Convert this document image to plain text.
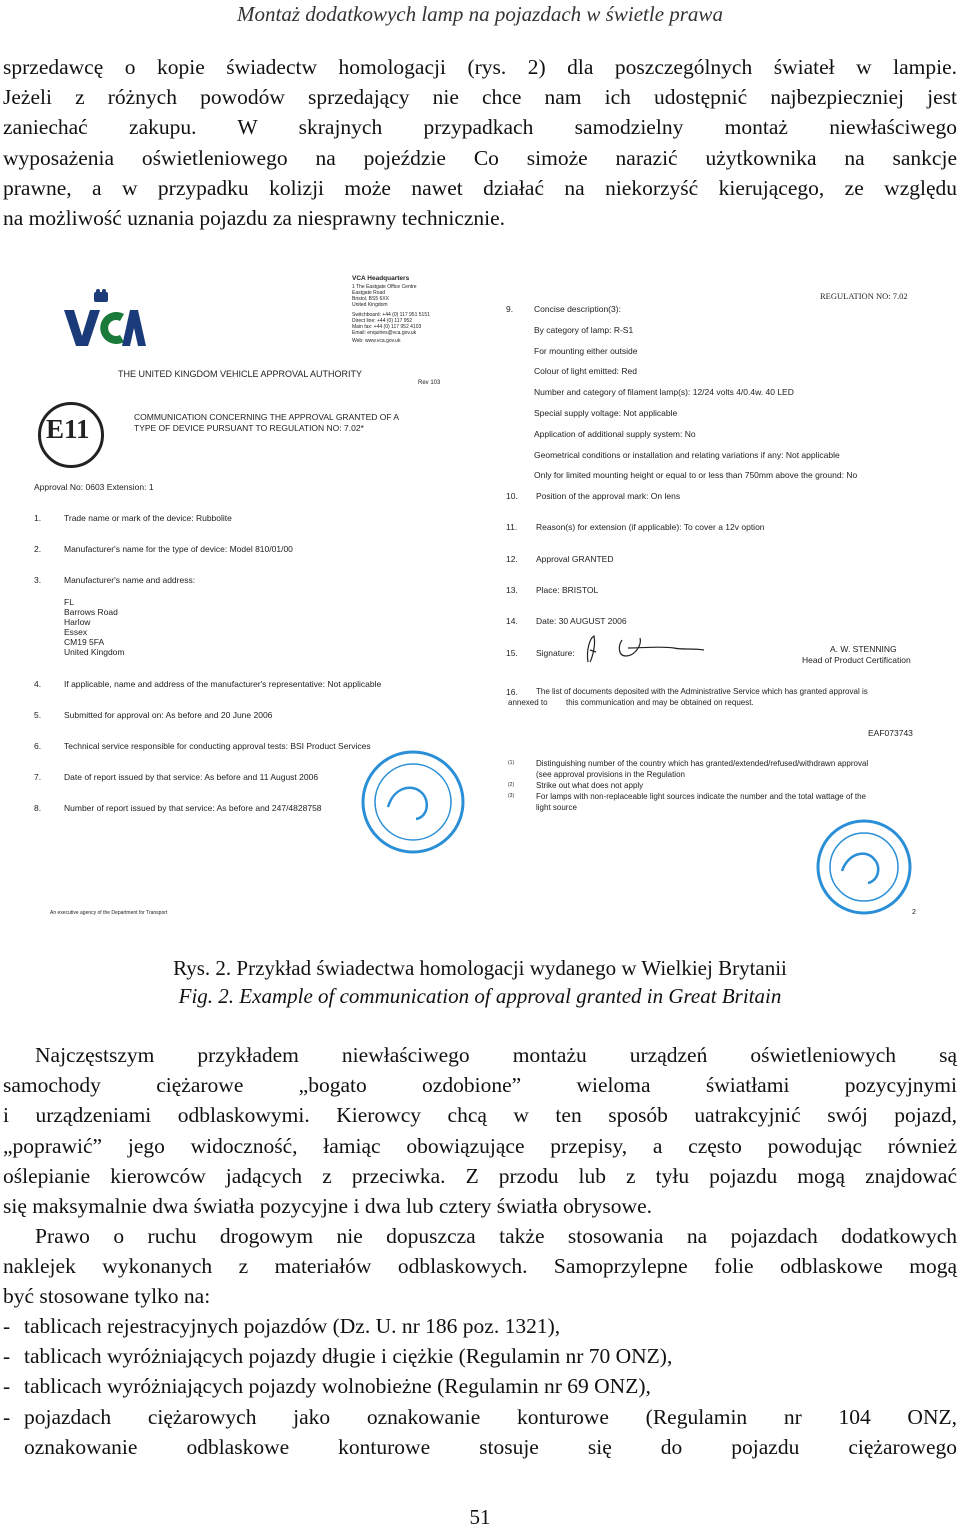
Montaż dodatkowych lamp na pojazdach w świetle prawa
sprzedawcę o kopie świadectw homologacji (rys. 2) dla poszczególnych świateł w lampie.
Jeżeli z różnych powodów sprzedający nie chce nam ich udostępnić najbezpieczniej jest
zaniechać zakupu. W skrajnych przypadkach samodzielny montaż niewłaściwego
wyposażenia oświetleniowego na pojeździe Co simoże narazić użytkownika na sankcje
prawne, a w przypadku kolizji może nawet działać na niekorzyść kierującego, ze względu
na możliwość uznania pojazdu za niesprawny technicznie.
VCA Headquarters
1 The Eastgate Office Centre
Eastgate Road
Bristol, BS5 6XX
United Kingdom
Switchboard: +44 (0) 117 951 5151
Direct line: +44 (0) 117 952
Main fax: +44 (0) 117 952 4103
Email: enquiries@vca.gov.uk
Web: www.vca.gov.uk
THE UNITED KINGDOM VEHICLE APPROVAL AUTHORITY
Rev 103
E11	COMMUNICATION CONCERNING THE APPROVAL GRANTED OF A
TYPE OF DEVICE PURSUANT TO REGULATION NO: 7.02*
Approval No: 0603 Extension: 1
REGULATION NO: 7.02
1.	Trade name or mark of the device: Rubbolite
2.	Manufacturer's name for the type of device: Model 810/01/00
3.	Manufacturer's name and address:
FL
Barrows Road
Harlow
Essex
CM19 5FA
United Kingdom
4.	If applicable, name and address of the manufacturer's representative: Not applicable
5.	Submitted for approval on: As before and 20 June 2006
6.	Technical service responsible for conducting approval tests: BSI Product Services
7.	Date of report issued by that service: As before and 11 August 2006
8.	Number of report issued by that service: As before and 247/4828758
9. Concise description(3):
By category of lamp: R-S1
For mounting either outside
Colour of light emitted: Red
Number and category of filament lamp(s): 12/24 volts 4/0.4w. 40 LED
Special supply voltage: Not applicable
Application of additional supply system: No
Geometrical conditions or installation and relating variations if any: Not applicable
Only for limited mounting height or equal to or less than 750mm above the ground: No
10. Position of the approval mark: On lens
11. Reason(s) for extension (if applicable): To cover a 12v option
12. Approval GRANTED
13. Place: BRISTOL
14. Date: 30 AUGUST 2006
15. Signature:	A. W. STENNING
Head of Product Certification
16. The list of documents deposited with the Administrative Service which has granted approval is
annexed to this communication and may be obtained on request.
EAF073743
(1)	Distinguishing number of the country which has granted/extended/refused/withdrawn approval
(see approval provisions in the Regulation
(2)	Strike out what does not apply
(3)	For lamps with non-replaceable light sources indicate the number and the total wattage of the
light source
An executive agency of the Department for Transport	2
Rys. 2. Przykład świadectwa homologacji wydanego w Wielkiej Brytanii
Fig. 2. Example of communication of approval granted in Great Britain
Najczęstszym przykładem niewłaściwego montażu urządzeń oświetleniowych są
samochody ciężarowe „bogato ozdobione” wieloma światłami pozycyjnymi
i urządzeniami odblaskowymi. Kierowcy chcą w ten sposób uatrakcyjnić swój pojazd,
„poprawić” jego widoczność, łamiąc obowiązujące przepisy, a często powodując również
oślepianie kierowców jadących z przeciwka. Z przodu lub z tyłu pojazdu mogą znajdować
się maksymalnie dwa światła pozycyjne i dwa lub cztery światła obrysowe.
Prawo o ruchu drogowym nie dopuszcza także stosowania na pojazdach dodatkowych
naklejek wykonanych z materiałów odblaskowych. Samoprzylepne folie odblaskowe mogą
być stosowane tylko na:
- tablicach rejestracyjnych pojazdów (Dz. U. nr 186 poz. 1321),
- tablicach wyróżniających pojazdy długie i ciężkie (Regulamin nr 70 ONZ),
- tablicach wyróżniających pojazdy wolnobieżne (Regulamin nr 69 ONZ),
- pojazdach ciężarowych jako oznakowanie konturowe (Regulamin nr 104 ONZ,
oznakowanie odblaskowe konturowe stosuje się do pojazdu ciężarowego
51
